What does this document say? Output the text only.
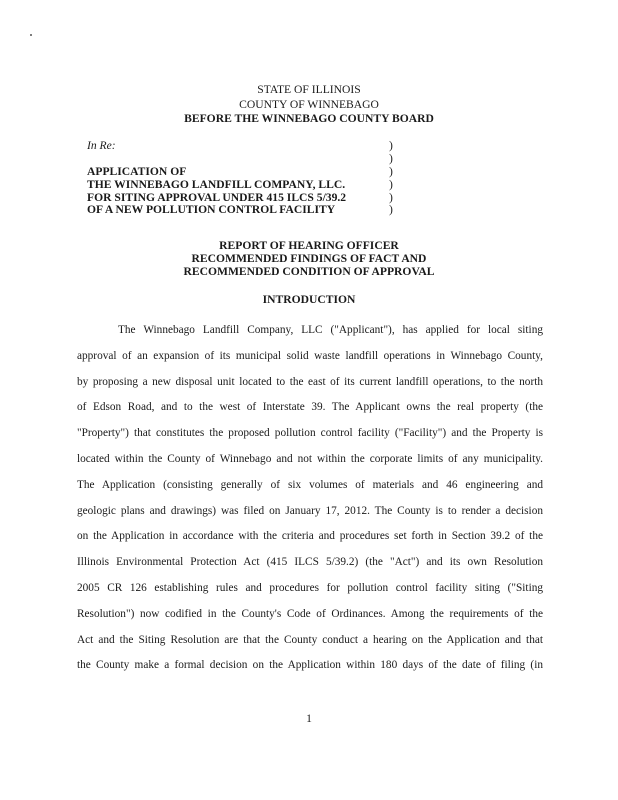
STATE OF ILLINOIS
COUNTY OF WINNEBAGO
BEFORE THE WINNEBAGO COUNTY BOARD
In Re:	)
)
APPLICATION OF	)
THE WINNEBAGO LANDFILL COMPANY, LLC.	)
FOR SITING APPROVAL UNDER 415 ILCS 5/39.2	)
OF A NEW POLLUTION CONTROL FACILITY	)
REPORT OF HEARING OFFICER
RECOMMENDED FINDINGS OF FACT AND
RECOMMENDED CONDITION OF APPROVAL
INTRODUCTION
The Winnebago Landfill Company, LLC ("Applicant"), has applied for local siting
approval of an expansion of its municipal solid waste landfill operations in Winnebago County,
by proposing a new disposal unit located to the east of its current landfill operations, to the north
of Edson Road, and to the west of Interstate 39. The Applicant owns the real property (the
"Property") that constitutes the proposed pollution control facility ("Facility") and the Property is
located within the County of Winnebago and not within the corporate limits of any municipality.
The Application (consisting generally of six volumes of materials and 46 engineering and
geologic plans and drawings) was filed on January 17, 2012. The County is to render a decision
on the Application in accordance with the criteria and procedures set forth in Section 39.2 of the
Illinois Environmental Protection Act (415 ILCS 5/39.2) (the "Act") and its own Resolution
2005 CR 126 establishing rules and procedures for pollution control facility siting ("Siting
Resolution") now codified in the County's Code of Ordinances. Among the requirements of the
Act and the Siting Resolution are that the County conduct a hearing on the Application and that
the County make a formal decision on the Application within 180 days of the date of filing (in
1
